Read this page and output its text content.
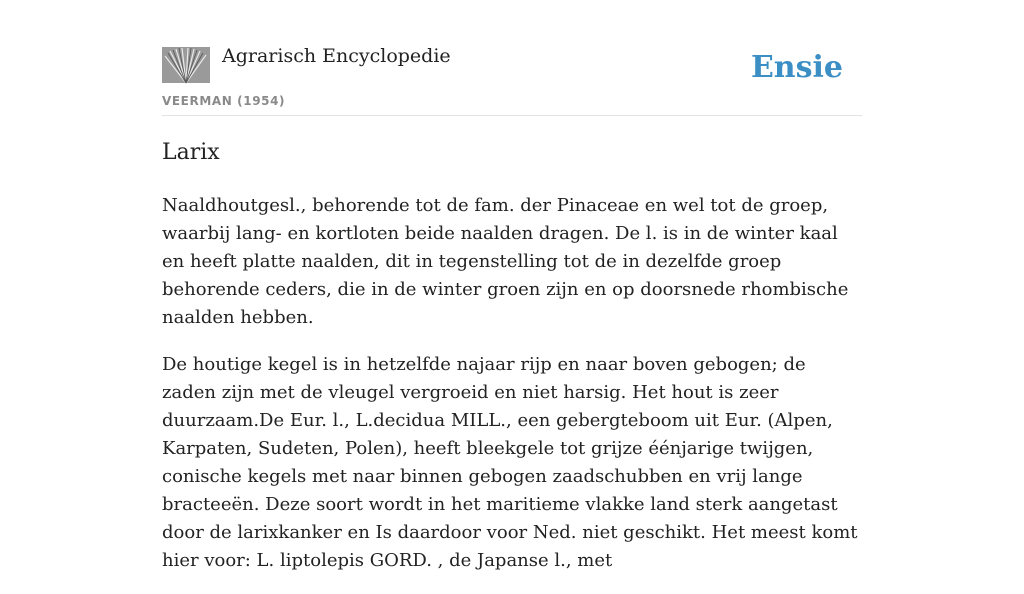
Agrarisch Encyclopedie
VEERMAN (1954)
Ensie
Larix

Naaldhoutgesl., behorende tot de fam. der Pinaceae en wel tot de groep, waarbij lang- en kortloten beide naalden dragen. De l. is in de winter kaal en heeft platte naalden, dit in tegenstelling tot de in dezelfde groep behorende ceders, die in de winter groen zijn en op doorsnede rhombische naalden hebben.

De houtige kegel is in hetzelfde najaar rijp en naar boven gebogen; de zaden zijn met de vleugel vergroeid en niet harsig. Het hout is zeer duurzaam.De Eur. l., L.decidua MILL., een gebergteboom uit Eur. (Alpen, Karpaten, Sudeten, Polen), heeft bleekgele tot grijze éénjarige twijgen, conische kegels met naar binnen gebogen zaadschubben en vrij lange bracteeën. Deze soort wordt in het maritieme vlakke land sterk aangetast door de larixkanker en Is daardoor voor Ned. niet geschikt. Het meest komt hier voor: L. liptolepis GORD. , de Japanse l., met
